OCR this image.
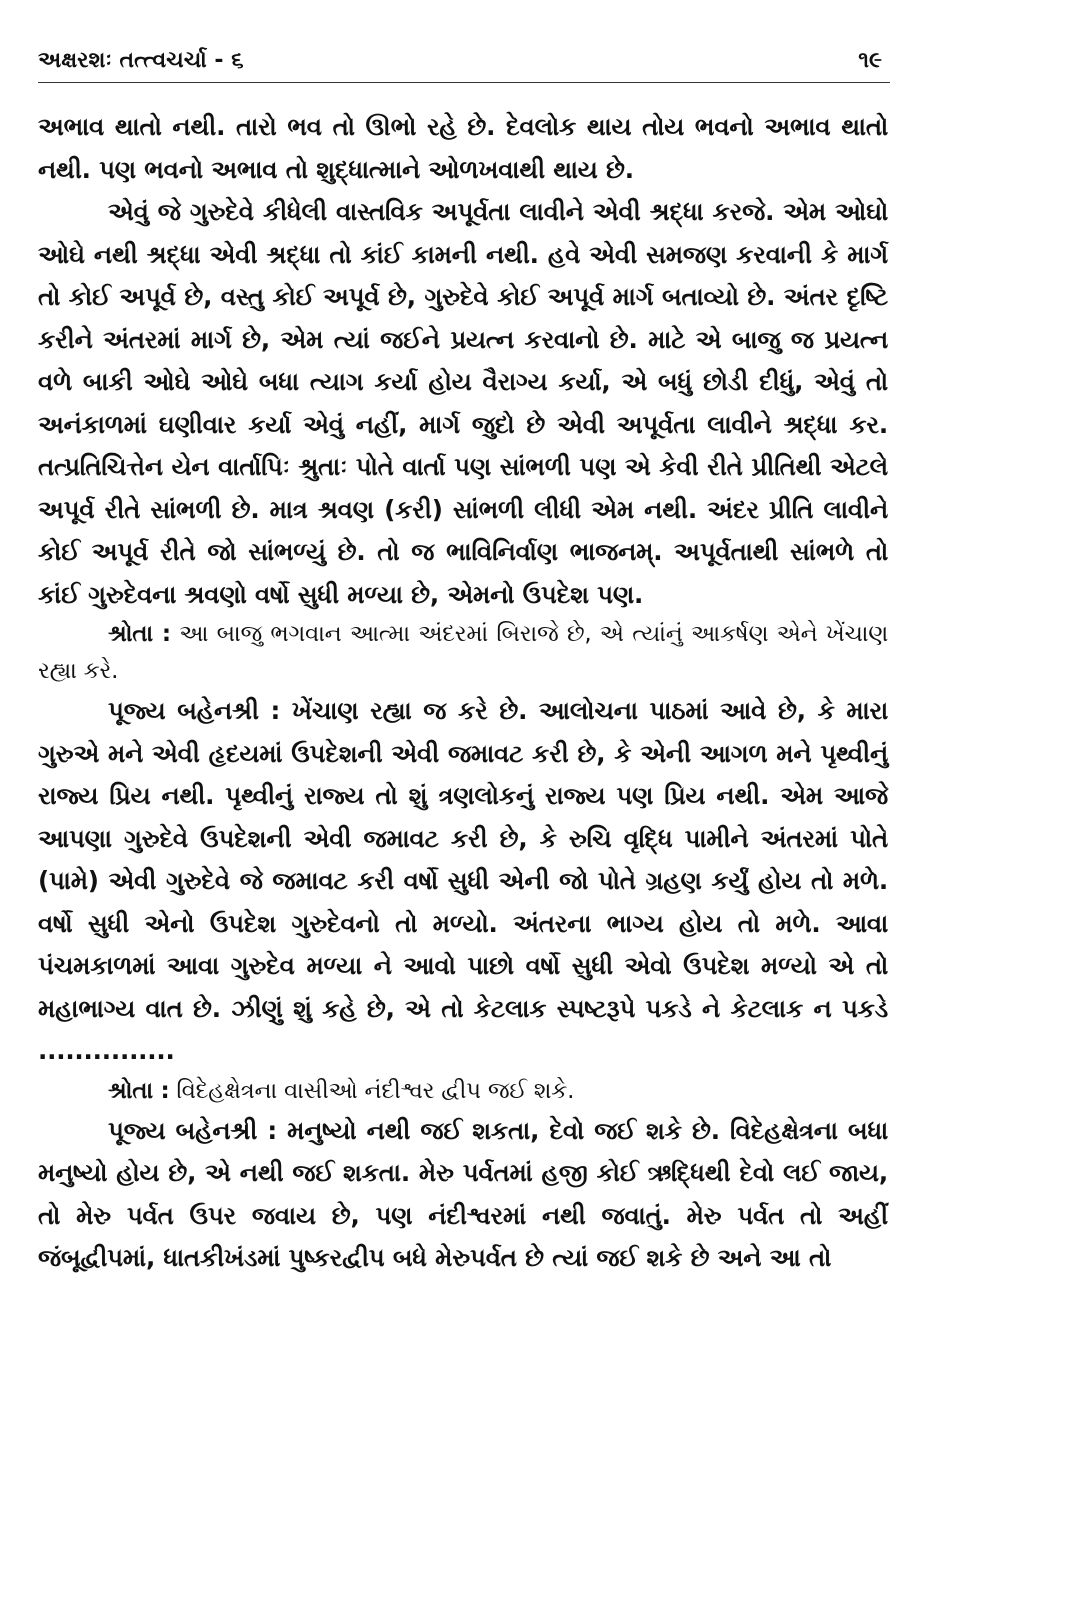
અક્ષરશઃ તત્ત્વચર્ચા - ૬	૧૯

અભાવ થાતો નથી. તારો ભવ તો ઊભો રહે છે. દેવલોક થાય તોય ભવનો અભાવ થાતો નથી. પણ ભવનો અભાવ તો શુદ્ધાત્માને ઓળખવાથી થાય છે.

એવું જે ગુરુદેવે કીધેલી વાસ્તવિક અપૂર્વતા લાવીને એવી શ્રદ્ધા કરજે. એમ ઓઘો ઓઘે નથી શ્રદ્ધા એવી શ્રદ્ધા તો કાંઈ કામની નથી. હવે એવી સમજણ કરવાની કે માર્ગ તો કોઈ અપૂર્વ છે, વસ્તુ કોઈ અપૂર્વ છે, ગુરુદેવે કોઈ અપૂર્વ માર્ગ બતાવ્યો છે. અંતર દૃષ્ટિ કરીને અંતરમાં માર્ગ છે, એમ ત્યાં જઈને પ્રયત્ન કરવાનો છે. માટે એ બાજુ જ પ્રયત્ન વળે બાકી ઓઘે ઓઘે બધા ત્યાગ કર્યા હોય વૈરાગ્ય કર્યા, એ બધું છોડી દીધું, એવું તો અનંકાળમાં ઘણીવાર કર્યા એવું નહીં, માર્ગ જુદો છે એવી અપૂર્વતા લાવીને શ્રદ્ધા કર. તત્પ્રતિચિત્તેન યેન વાર્તાપિઃ શ્રુતાઃ પોતે વાર્તા પણ સાંભળી પણ એ કેવી રીતે પ્રીતિથી એટલે અપૂર્વ રીતે સાંભળી છે. માત્ર શ્રવણ (કરી) સાંભળી લીધી એમ નથી. અંદર પ્રીતિ લાવીને કોઈ અપૂર્વ રીતે જો સાંભળ્યું છે. તો જ ભાવિનિર્વાણ ભાજનમ્. અપૂર્વતાથી સાંભળે તો કાંઈ ગુરુદેવના શ્રવણો વર્ષો સુધી મળ્યા છે, એમનો ઉપદેશ પણ.

શ્રોતા : આ બાજુ ભગવાન આત્મા અંદરમાં બિરાજે છે, એ ત્યાંનું આકર્ષણ એને ખેંચાણ રહ્યા કરે.

પૂજ્ય બહેનશ્રી : ખેંચાણ રહ્યા જ કરે છે. આલોચના પાઠમાં આવે છે, કે મારા ગુરુએ મને એવી હૃદયમાં ઉપદેશની એવી જમાવટ કરી છે, કે એની આગળ મને પૃથ્વીનું રાજ્ય પ્રિય નથી. પૃથ્વીનું રાજ્ય તો શું ત્રણલોકનું રાજ્ય પણ પ્રિય નથી. એમ આજે આપણા ગુરુદેવે ઉપદેશની એવી જમાવટ કરી છે, કે રુચિ વૃદ્ધિ પામીને અંતરમાં પોતે (પામે) એવી ગુરુદેવે જે જમાવટ કરી વર્ષો સુધી એની જો પોતે ગ્રહણ કર્યું હોય તો મળે. વર્ષો સુધી એનો ઉપદેશ ગુરુદેવનો તો મળ્યો. અંતરના ભાગ્ય હોય તો મળે. આવા પંચમકાળમાં આવા ગુરુદેવ મળ્યા ને આવો પાછો વર્ષો સુધી એવો ઉપદેશ મળ્યો એ તો મહાભાગ્ય વાત છે. ઝીણું શું કહે છે, એ તો કેટલાક સ્પષ્ટરૂપે પકડે ને કેટલાક ન પકડે ...............

શ્રોતા : વિદેહક્ષેત્રના વાસીઓ નંદીશ્વર દ્વીપ જઈ શકે.

પૂજ્ય બહેનશ્રી : મનુષ્યો નથી જઈ શકતા, દેવો જઈ શકે છે. વિદેહક્ષેત્રના બધા મનુષ્યો હોય છે, એ નથી જઈ શકતા. મેરુ પર્વતમાં હજી કોઈ ઋદ્ધિથી દેવો લઈ જાય, તો મેરુ પર્વત ઉપર જવાય છે, પણ નંદીશ્વરમાં નથી જવાતું. મેરુ પર્વત તો અહીં જંબૂદ્વીપમાં, ધાતકીખંડમાં પુષ્કરદ્વીપ બધે મેરુપર્વત છે ત્યાં જઈ શકે છે અને આ તો
